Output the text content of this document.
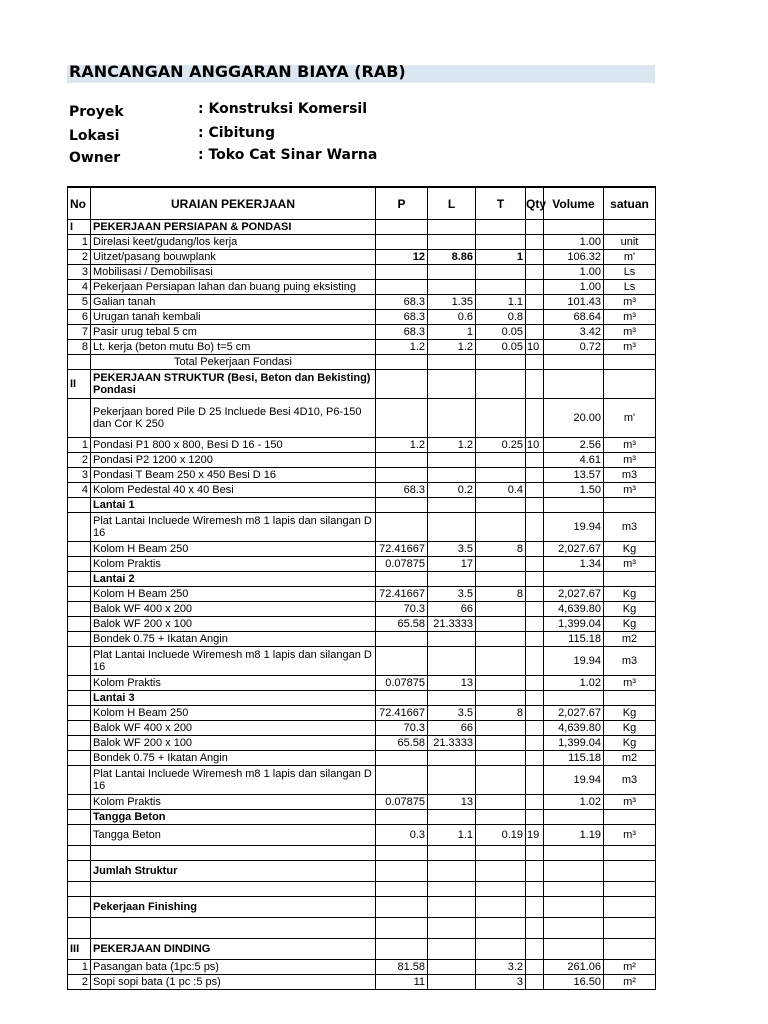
RANCANGAN ANGGARAN BIAYA (RAB)
Proyek	: Konstruksi Komersil
Lokasi	: Cibitung
Owner	: Toko Cat Sinar Warna
No	URAIAN PEKERJAAN	P	L	T	Qty	Volume	satuan
I	PEKERJAAN PERSIAPAN & PONDASI						
1	Direlasi keet/gudang/los kerja					1.00	unit
2	Uitzet/pasang bouwplank	12	8.86	1		106.32	m'
3	Mobilisasi / Demobilisasi					1.00	Ls
4	Pekerjaan Persiapan lahan dan buang puing eksisting					1.00	Ls
5	Galian tanah	68.3	1.35	1.1		101.43	m³
6	Urugan tanah kembali	68.3	0.6	0.8		68.64	m³
7	Pasir urug tebal 5 cm	68.3	1	0.05		3.42	m³
8	Lt. kerja (beton mutu Bo) t=5 cm	1.2	1.2	0.05	10	0.72	m³
	Total Pekerjaan Fondasi						
II	PEKERJAAN STRUKTUR (Besi, Beton dan Bekisting) Pondasi						
	Pekerjaan bored Pile D 25 Incluede Besi 4D10, P6-150 dan Cor K 250					20.00	m'
1	Pondasi P1 800 x 800, Besi D 16 - 150	1.2	1.2	0.25	10	2.56	m³
2	Pondasi P2 1200 x 1200					4.61	m³
3	Pondasi T Beam 250 x 450 Besi D 16					13.57	m3
4	Kolom Pedestal 40 x 40 Besi	68.3	0.2	0.4		1.50	m³
	Lantai 1						
	Plat Lantai Incluede Wiremesh m8 1 lapis dan silangan D 16					19.94	m3
	Kolom H Beam 250	72.41667	3.5	8		2,027.67	Kg
	Kolom Praktis	0.07875	17			1.34	m³
	Lantai 2						
	Kolom H Beam 250	72.41667	3.5	8		2,027.67	Kg
	Balok WF 400 x 200	70.3	66			4,639.80	Kg
	Balok WF 200 x 100	65.58	21.3333			1,399.04	Kg
	Bondek 0.75 + Ikatan Angin					115.18	m2
	Plat Lantai Incluede Wiremesh m8 1 lapis dan silangan D 16					19.94	m3
	Kolom Praktis	0.07875	13			1.02	m³
	Lantai 3						
	Kolom H Beam 250	72.41667	3.5	8		2,027.67	Kg
	Balok WF 400 x 200	70.3	66			4,639.80	Kg
	Balok WF 200 x 100	65.58	21.3333			1,399.04	Kg
	Bondek 0.75 + Ikatan Angin					115.18	m2
	Plat Lantai Incluede Wiremesh m8 1 lapis dan silangan D 16					19.94	m3
	Kolom Praktis	0.07875	13			1.02	m³
	Tangga Beton						
	Tangga Beton	0.3	1.1	0.19	19	1.19	m³

	Jumlah Struktur						

	Pekerjaan Finishing						

III	PEKERJAAN DINDING						
1	Pasangan bata (1pc:5 ps)	81.58		3.2		261.06	m²
2	Sopi sopi bata (1 pc :5 ps)	11		3		16.50	m²
